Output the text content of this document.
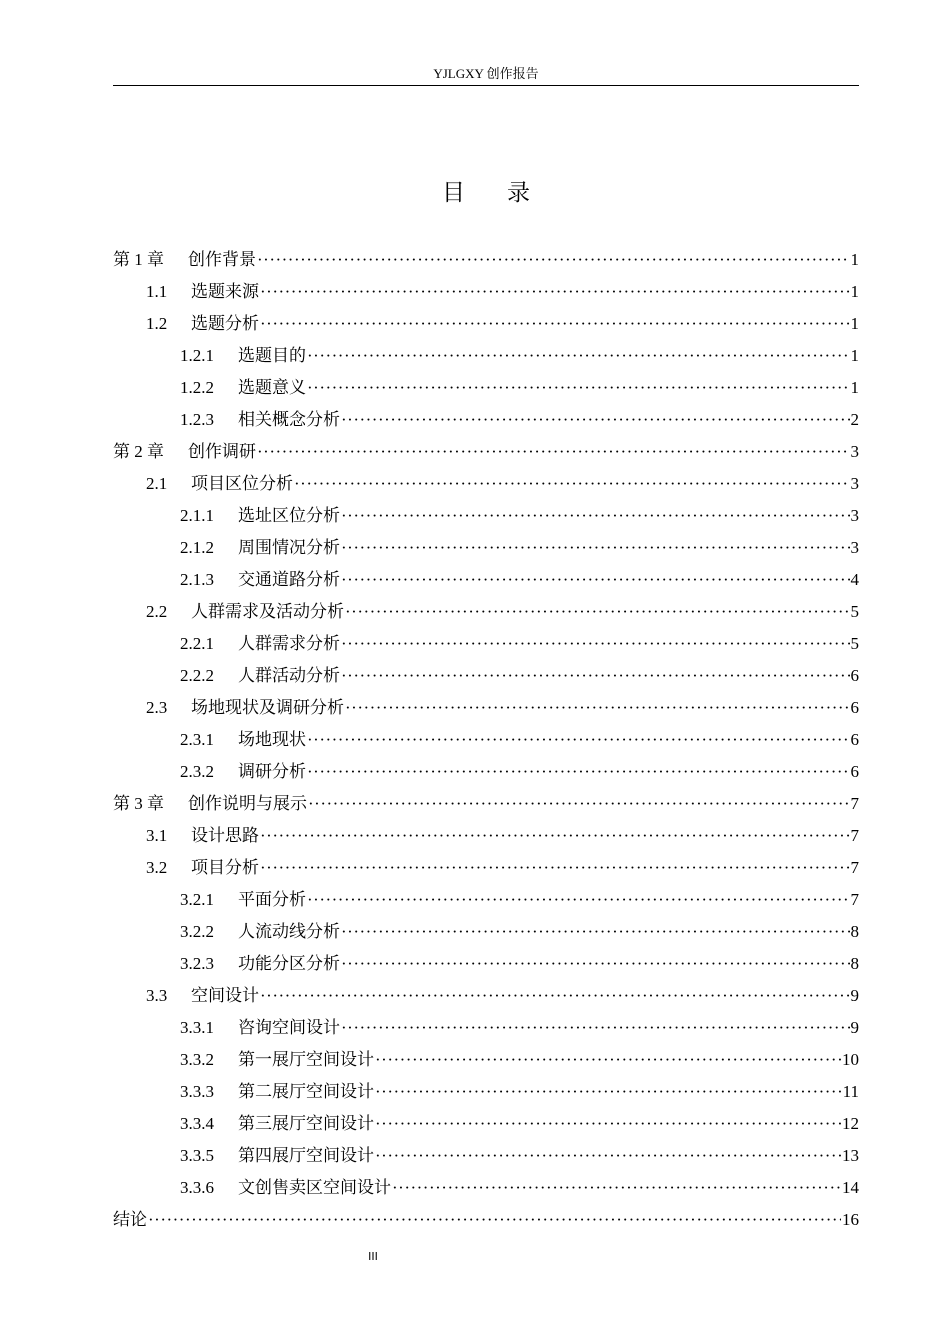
YJLGXY 创作报告
目 录
第 1 章	创作背景 ·····	1
1.1	选题来源 ·····	1
1.2	选题分析 ·····	1
1.2.1	选题目的 ·····	1
1.2.2	选题意义 ·····	1
1.2.3	相关概念分析 ·····	2
第 2 章	创作调研 ·····	3
2.1	项目区位分析 ·····	3
2.1.1	选址区位分析 ·····	3
2.1.2	周围情况分析 ·····	3
2.1.3	交通道路分析 ·····	4
2.2	人群需求及活动分析 ·····	5
2.2.1	人群需求分析 ·····	5
2.2.2	人群活动分析 ·····	6
2.3	场地现状及调研分析 ·····	6
2.3.1	场地现状 ·····	6
2.3.2	调研分析 ·····	6
第 3 章	创作说明与展示 ·····	7
3.1	设计思路 ·····	7
3.2	项目分析 ·····	7
3.2.1	平面分析 ·····	7
3.2.2	人流动线分析 ·····	8
3.2.3	功能分区分析 ·····	8
3.3	空间设计 ·····	9
3.3.1	咨询空间设计 ·····	9
3.3.2	第一展厅空间设计 ·····	10
3.3.3	第二展厅空间设计 ·····	11
3.3.4	第三展厅空间设计 ·····	12
3.3.5	第四展厅空间设计 ·····	13
3.3.6	文创售卖区空间设计 ·····	14
结论 ·····	16
III
